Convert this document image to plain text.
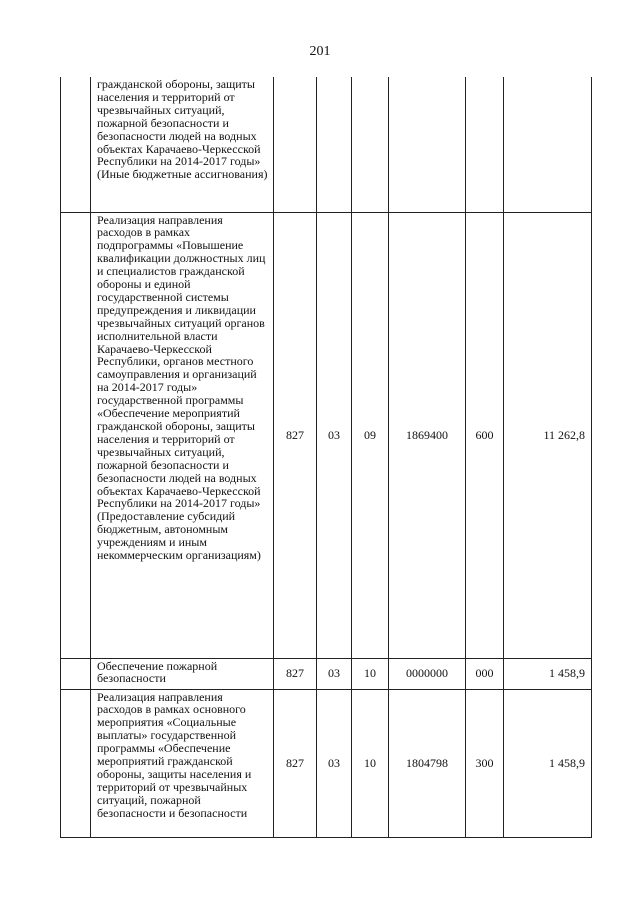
201
	гражданской обороны, защиты населения и территорий от чрезвычайных ситуаций, пожарной безопасности и безопасности людей на водных объектах Карачаево-Черкесской Республики на 2014-2017 годы» (Иные бюджетные ассигнования)						
	Реализация направления расходов в рамках подпрограммы «Повышение квалификации должностных лиц и специалистов гражданской обороны и единой государственной системы предупреждения и ликвидации чрезвычайных ситуаций органов исполнительной власти Карачаево-Черкесской Республики, органов местного самоуправления и организаций на 2014-2017 годы» государственной программы «Обеспечение мероприятий гражданской обороны, защиты населения и территорий от чрезвычайных ситуаций, пожарной безопасности и безопасности людей на водных объектах Карачаево-Черкесской Республики на 2014-2017 годы» (Предоставление субсидий бюджетным, автономным учреждениям и иным некоммерческим организациям)	827	03	09	1869400	600	11 262,8
	Обеспечение пожарной безопасности	827	03	10	0000000	000	1 458,9
	Реализация направления расходов в рамках основного мероприятия «Социальные выплаты» государственной программы «Обеспечение мероприятий гражданской обороны, защиты населения и территорий от чрезвычайных ситуаций, пожарной безопасности и безопасности	827	03	10	1804798	300	1 458,9
